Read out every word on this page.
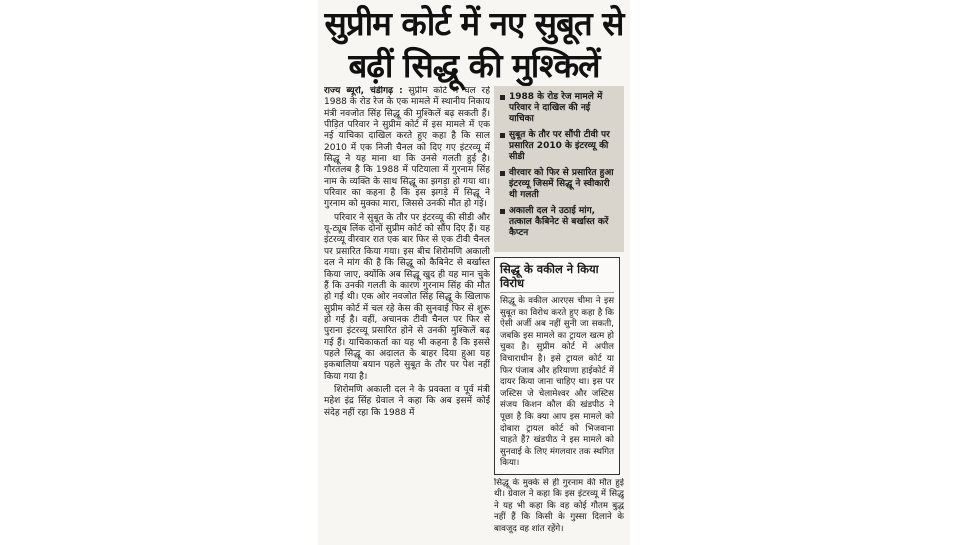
सुप्रीम कोर्ट में नए सुबूत से
बढ़ीं सिद्धू की मुश्किलें

राज्य ब्यूरो, चंडीगढ़ : सुप्रीम कोर्ट में चल रहे 1988 के रोड रेज के एक मामले में स्थानीय निकाय मंत्री नवजोत सिंह सिद्धू की मुश्किलें बढ़ सकती हैं। पीड़ित परिवार ने सुप्रीम कोर्ट में इस मामले में एक नई याचिका दाखिल करते हुए कहा है कि साल 2010 में एक निजी चैनल को दिए गए इंटरव्यू में सिद्धू ने यह माना था कि उनसे गलती हुई है। गौरतलब है कि 1988 में पटियाला में गुरनाम सिंह नाम के व्यक्ति के साथ सिद्धू का झगड़ा हो गया था। परिवार का कहना है कि इस झगड़े में सिद्धू ने गुरनाम को मुक्का मारा, जिससे उनकी मौत हो गई।

परिवार ने सुबूत के तौर पर इंटरव्यू की सीडी और यू-ट्यूब लिंक दोनों सुप्रीम कोर्ट को सौंप दिए हैं। यह इंटरव्यू वीरवार रात एक बार फिर से एक टीवी चैनल पर प्रसारित किया गया। इस बीच शिरोमणि अकाली दल ने मांग की है कि सिद्धू को कैबिनेट से बर्खास्त किया जाए, क्योंकि अब सिद्धू खुद ही यह मान चुके हैं कि उनकी गलती के कारण गुरनाम सिंह की मौत हो गई थी। एक ओर नवजोत सिंह सिद्धू के खिलाफ सुप्रीम कोर्ट में चल रहे केस की सुनवाई फिर से शुरू हो गई है। वहीं, अचानक टीवी चैनल पर फिर से पुराना इंटरव्यू प्रसारित होने से उनकी मुश्किलें बढ़ गई हैं। याचिकाकर्ता का यह भी कहना है कि इससे पहले सिद्धू का अदालत के बाहर दिया हुआ यह इकबालिया बयान पहले सुबूत के तौर पर पेश नहीं किया गया है।

शिरोमणि अकाली दल ने के प्रवक्ता व पूर्व मंत्री महेश इंद्र सिंह ग्रेवाल ने कहा कि अब इसमें कोई संदेह नहीं रहा कि 1988 में

1988 के रोड रेज मामले में परिवार ने दाखिल की नई याचिका
सुबूत के तौर पर सौंपी टीवी पर प्रसारित 2010 के इंटरव्यू की सीडी
वीरवार को फिर से प्रसारित हुआ इंटरव्यू जिसमें सिद्धू ने स्वीकारी थी गलती
अकाली दल ने उठाई मांग, तत्काल कैबिनेट से बर्खास्त करें कैप्टन
सिद्धू के वकील ने किया विरोध
सिद्धू के वकील आरएस चीमा ने इस सुबूत का विरोध करते हुए कहा है कि ऐसी अर्जी अब नहीं सुनी जा सकती, जबकि इस मामले का ट्रायल खत्म हो चुका है। सुप्रीम कोर्ट में अपील विचाराधीन है। इसे ट्रायल कोर्ट या फिर पंजाब और हरियाणा हाईकोर्ट में दायर किया जाना चाहिए था। इस पर जस्टिस जे चेलामेश्वर और जस्टिस संजय किशन कौल की खंडपीठ ने पूछा है कि क्या आप इस मामले को दोबारा ट्रायल कोर्ट को भिजवाना चाहते हैं? खंडपीठ ने इस मामले को सुनवाई के लिए मंगलवार तक स्थगित किया।
सिद्धू के मुक्के से ही गुरनाम की मौत हुई थी। ग्रेवाल ने कहा कि इस इंटरव्यू में सिद्धू ने यह भी कहा कि वह कोई गौतम बुद्ध नहीं हैं कि किसी के गुस्सा दिलाने के बावजूद वह शांत रहेंगे।
